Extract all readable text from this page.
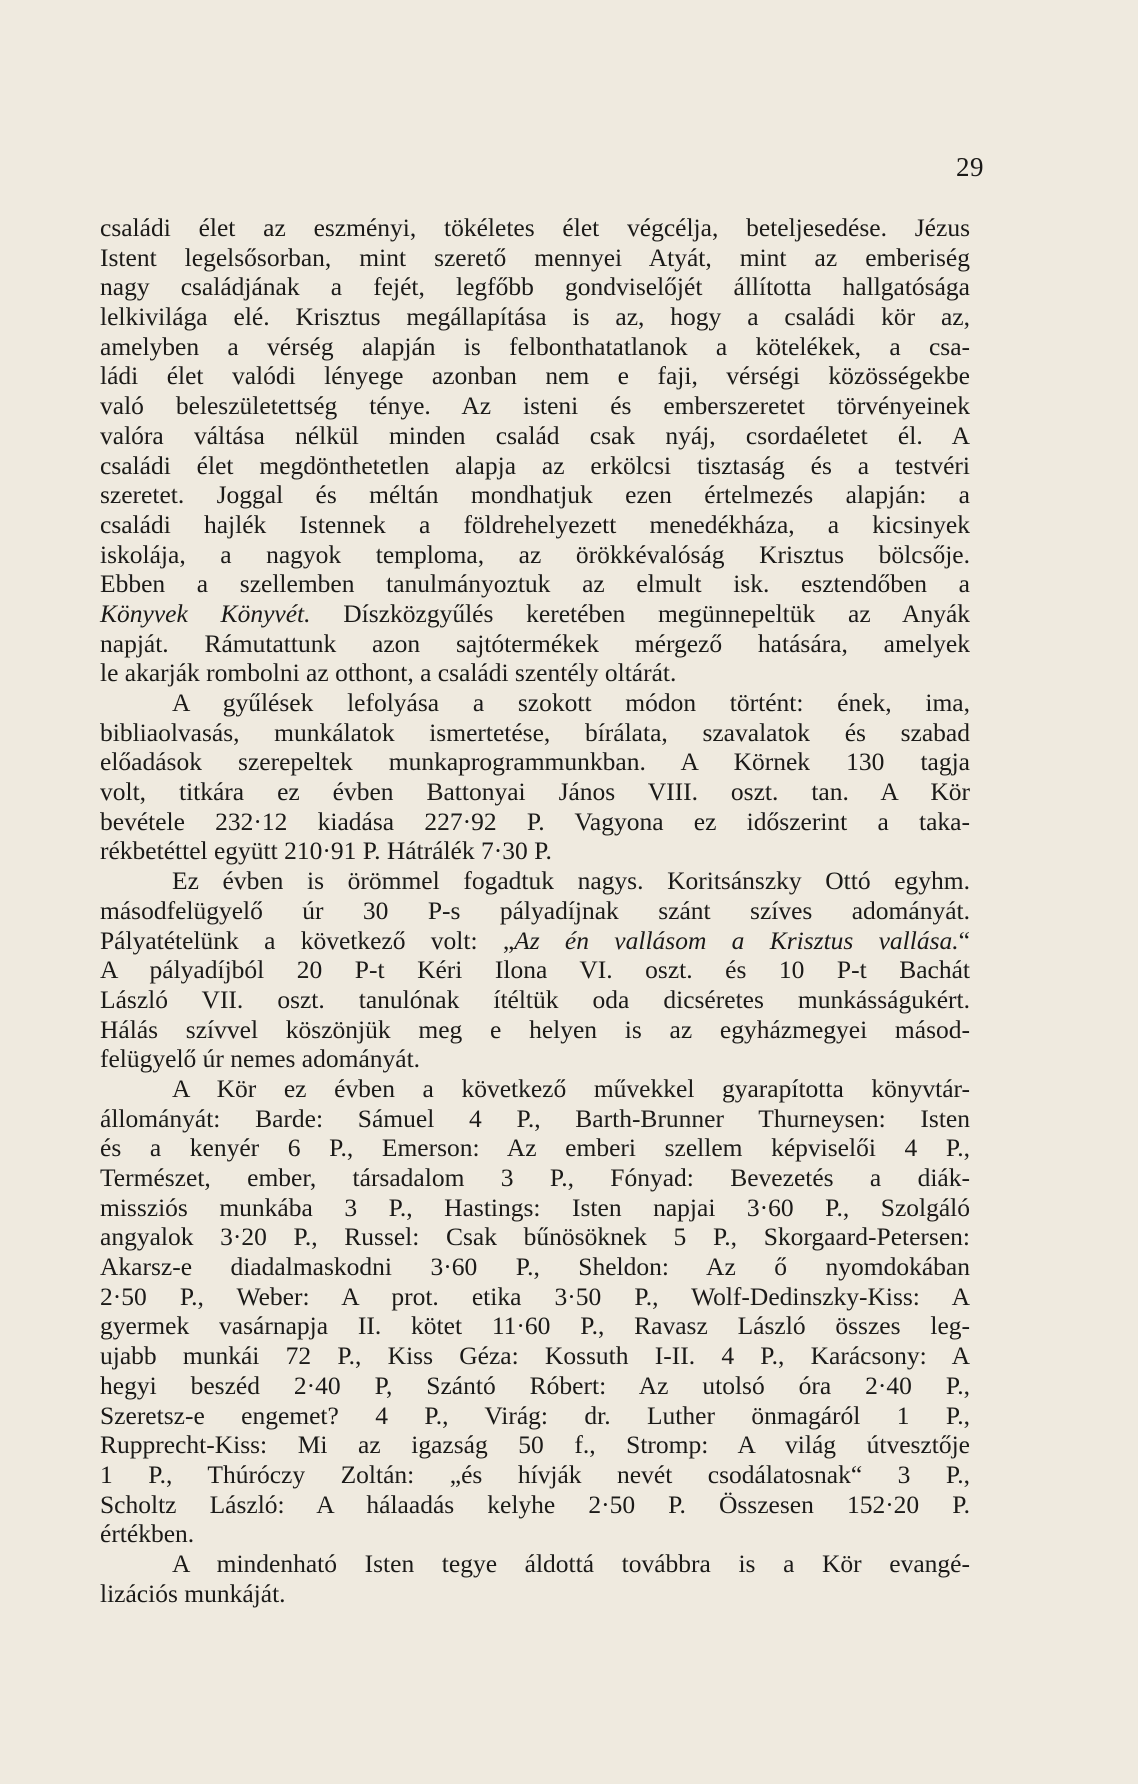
29
családi élet az eszményi, tökéletes élet végcélja, beteljesedése. Jézus
Istent legelsősorban, mint szerető mennyei Atyát, mint az emberiség
nagy családjának a fejét, legfőbb gondviselőjét állította hallgatósága
lelkivilága elé. Krisztus megállapítása is az, hogy a családi kör az,
amelyben a vérség alapján is felbonthatatlanok a kötelékek, a csa-
ládi élet valódi lényege azonban nem e faji, vérségi közösségekbe
való beleszületettség ténye. Az isteni és emberszeretet törvényeinek
valóra váltása nélkül minden család csak nyáj, csordaéletet él. A
családi élet megdönthetetlen alapja az erkölcsi tisztaság és a testvéri
szeretet. Joggal és méltán mondhatjuk ezen értelmezés alapján: a
családi hajlék Istennek a földrehelyezett menedékháza, a kicsinyek
iskolája, a nagyok temploma, az örökkévalóság Krisztus bölcsője.
Ebben a szellemben tanulmányoztuk az elmult isk. esztendőben a
Könyvek Könyvét. Díszközgyűlés keretében megünnepeltük az Anyák
napját. Rámutattunk azon sajtótermékek mérgező hatására, amelyek
le akarják rombolni az otthont, a családi szentély oltárát.
A gyűlések lefolyása a szokott módon történt: ének, ima,
bibliaolvasás, munkálatok ismertetése, bírálata, szavalatok és szabad
előadások szerepeltek munkaprogrammunkban. A Körnek 130 tagja
volt, titkára ez évben Battonyai János VIII. oszt. tan. A Kör
bevétele 232·12 kiadása 227·92 P. Vagyona ez időszerint a taka-
rékbetéttel együtt 210·91 P. Hátrálék 7·30 P.
Ez évben is örömmel fogadtuk nagys. Koritsánszky Ottó egyhm.
másodfelügyelő úr 30 P-s pályadíjnak szánt szíves adományát.
Pályatételünk a következő volt: „Az én vallásom a Krisztus vallása.“
A pályadíjból 20 P-t Kéri Ilona VI. oszt. és 10 P-t Bachát
László VII. oszt. tanulónak ítéltük oda dicséretes munkásságukért.
Hálás szívvel köszönjük meg e helyen is az egyházmegyei másod-
felügyelő úr nemes adományát.
A Kör ez évben a következő művekkel gyarapította könyvtár-
állományát: Barde: Sámuel 4 P., Barth-Brunner Thurneysen: Isten
és a kenyér 6 P., Emerson: Az emberi szellem képviselői 4 P.,
Természet, ember, társadalom 3 P., Fónyad: Bevezetés a diák-
missziós munkába 3 P., Hastings: Isten napjai 3·60 P., Szolgáló
angyalok 3·20 P., Russel: Csak bűnösöknek 5 P., Skorgaard-Petersen:
Akarsz-e diadalmaskodni 3·60 P., Sheldon: Az ő nyomdokában
2·50 P., Weber: A prot. etika 3·50 P., Wolf-Dedinszky-Kiss: A
gyermek vasárnapja II. kötet 11·60 P., Ravasz László összes leg-
ujabb munkái 72 P., Kiss Géza: Kossuth I-II. 4 P., Karácsony: A
hegyi beszéd 2·40 P, Szántó Róbert: Az utolsó óra 2·40 P.,
Szeretsz-e engemet? 4 P., Virág: dr. Luther önmagáról 1 P.,
Rupprecht-Kiss: Mi az igazság 50 f., Stromp: A világ útvesztője
1 P., Thúróczy Zoltán: „és hívják nevét csodálatosnak“ 3 P.,
Scholtz László: A hálaadás kelyhe 2·50 P. Összesen 152·20 P.
értékben.
A mindenható Isten tegye áldottá továbbra is a Kör evangé-
lizációs munkáját.
